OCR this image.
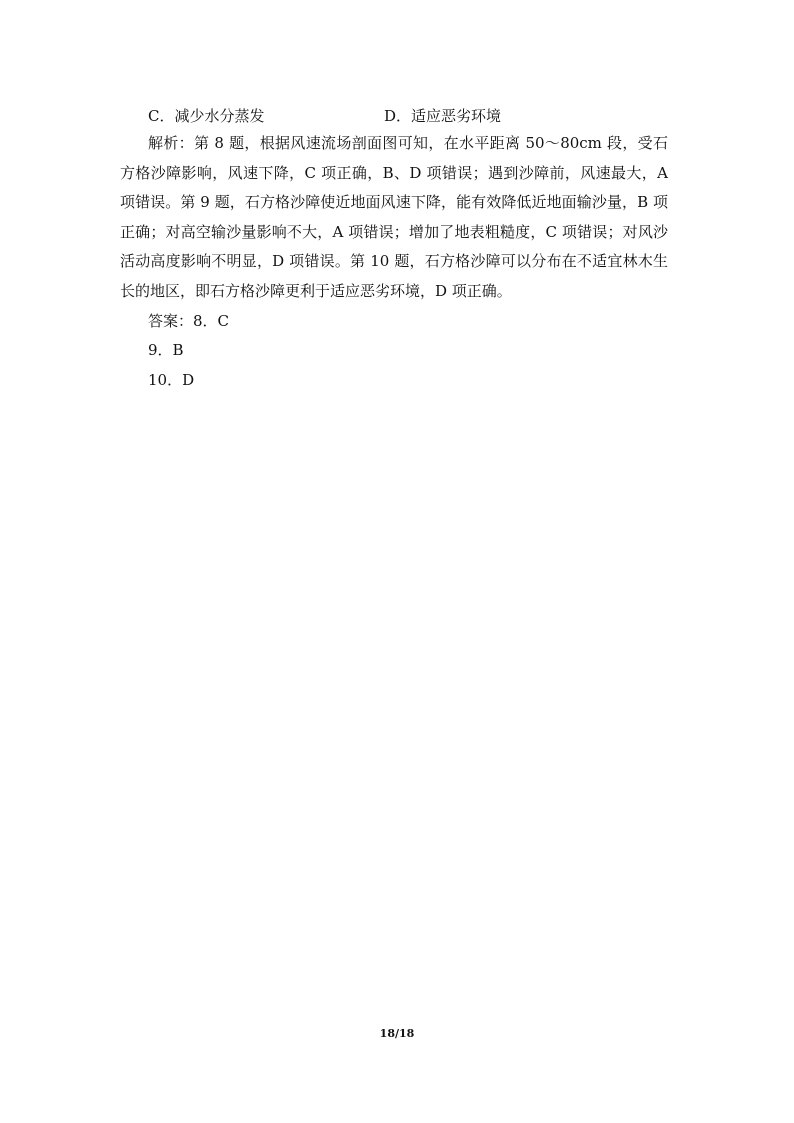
C．减少水分蒸发	D．适应恶劣环境

解析：第 8 题，根据风速流场剖面图可知，在水平距离 50～80cm 段，受石方格沙障影响，风速下降，C 项正确，B、D 项错误；遇到沙障前，风速最大，A 项错误。第 9 题，石方格沙障使近地面风速下降，能有效降低近地面输沙量，B 项正确；对高空输沙量影响不大，A 项错误；增加了地表粗糙度，C 项错误；对风沙活动高度影响不明显，D 项错误。第 10 题，石方格沙障可以分布在不适宜林木生长的地区，即石方格沙障更利于适应恶劣环境，D 项正确。

答案：8．C
9．B
10．D
18/18
